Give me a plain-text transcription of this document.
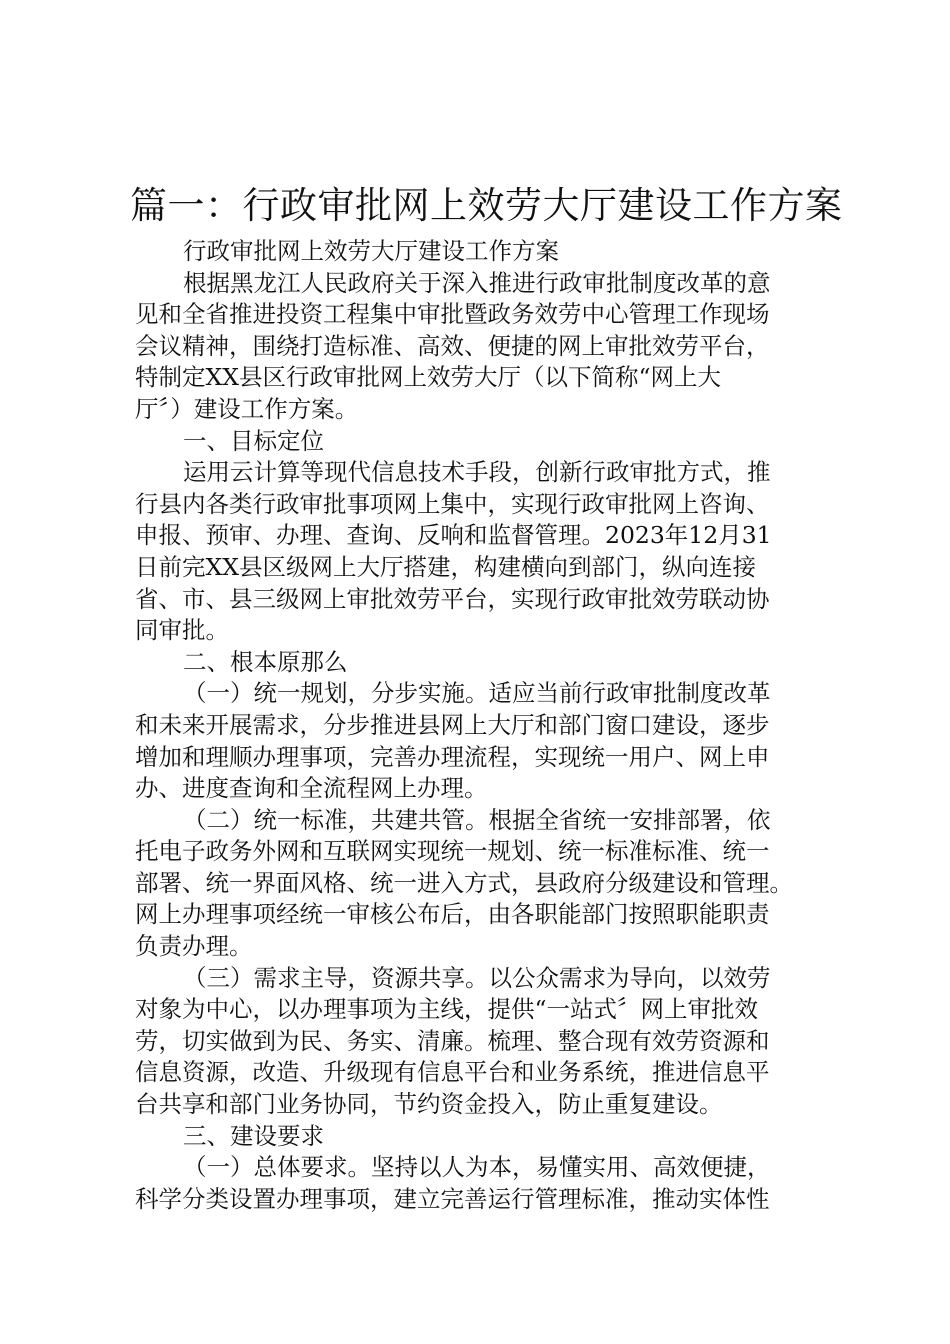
篇一：行政审批网上效劳大厅建设工作方案
行政审批网上效劳大厅建设工作方案
根据黑龙江人民政府关于深入推进行政审批制度改革的意
见和全省推进投资工程集中审批暨政务效劳中心管理工作现场
会议精神，围绕打造标准、高效、便捷的网上审批效劳平台，
特制定XX县区行政审批网上效劳大厅（以下简称“网上大
厅〞）建设工作方案。
一、目标定位
运用云计算等现代信息技术手段，创新行政审批方式，推
行县内各类行政审批事项网上集中，实现行政审批网上咨询、
申报、预审、办理、查询、反响和监督管理。2023年12月31
日前完XX县区级网上大厅搭建，构建横向到部门，纵向连接
省、市、县三级网上审批效劳平台，实现行政审批效劳联动协
同审批。
二、根本原那么
（一）统一规划，分步实施。适应当前行政审批制度改革
和未来开展需求，分步推进县网上大厅和部门窗口建设，逐步
增加和理顺办理事项，完善办理流程，实现统一用户、网上申
办、进度查询和全流程网上办理。
（二）统一标准，共建共管。根据全省统一安排部署，依
托电子政务外网和互联网实现统一规划、统一标准标准、统一
部署、统一界面风格、统一进入方式，县政府分级建设和管理。
网上办理事项经统一审核公布后，由各职能部门按照职能职责
负责办理。
（三）需求主导，资源共享。以公众需求为导向，以效劳
对象为中心，以办理事项为主线，提供“一站式〞网上审批效
劳，切实做到为民、务实、清廉。梳理、整合现有效劳资源和
信息资源，改造、升级现有信息平台和业务系统，推进信息平
台共享和部门业务协同，节约资金投入，防止重复建设。
三、建设要求
（一）总体要求。坚持以人为本，易懂实用、高效便捷，
科学分类设置办理事项，建立完善运行管理标准，推动实体性
